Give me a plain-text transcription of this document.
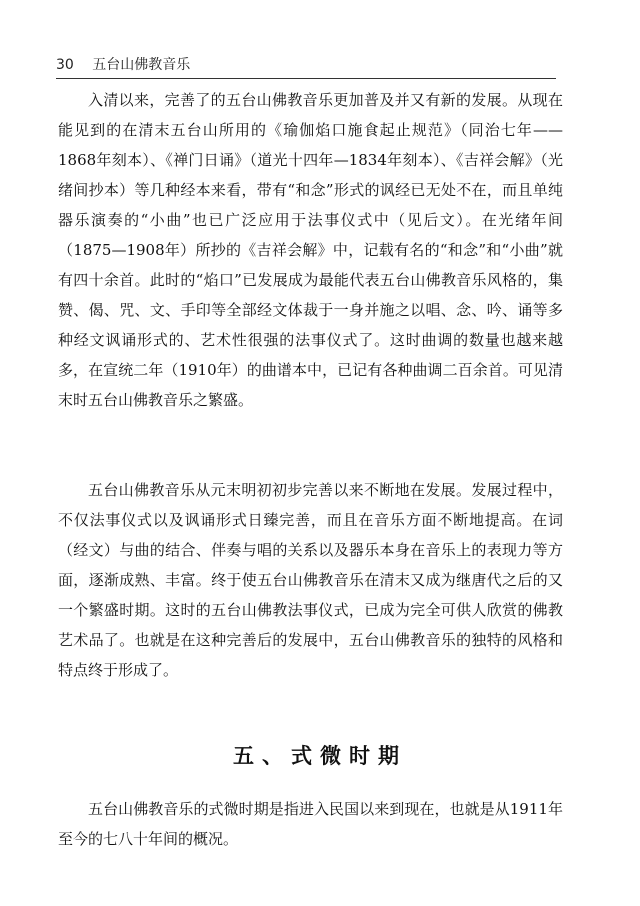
30 五台山佛教音乐

入清以来，完善了的五台山佛教音乐更加普及并又有新的发展。从现在能见到的在清末五台山所用的《瑜伽焰口施食起止规范》（同治七年——1868年刻本）、《禅门日诵》（道光十四年—1834年刻本）、《吉祥会解》（光绪间抄本）等几种经本来看，带有“和念”形式的讽经已无处不在，而且单纯器乐演奏的“小曲”也已广泛应用于法事仪式中（见后文）。在光绪年间（1875—1908年）所抄的《吉祥会解》中，记载有名的“和念”和“小曲”就有四十余首。此时的“焰口”已发展成为最能代表五台山佛教音乐风格的，集赞、偈、咒、文、手印等全部经文体裁于一身并施之以唱、念、吟、诵等多种经文讽诵形式的、艺术性很强的法事仪式了。这时曲调的数量也越来越多，在宣统二年（1910年）的曲谱本中，已记有各种曲调二百余首。可见清末时五台山佛教音乐之繁盛。

五台山佛教音乐从元末明初初步完善以来不断地在发展。发展过程中，不仅法事仪式以及讽诵形式日臻完善，而且在音乐方面不断地提高。在词（经文）与曲的结合、伴奏与唱的关系以及器乐本身在音乐上的表现力等方面，逐渐成熟、丰富。终于使五台山佛教音乐在清末又成为继唐代之后的又一个繁盛时期。这时的五台山佛教法事仪式，已成为完全可供人欣赏的佛教艺术品了。也就是在这种完善后的发展中，五台山佛教音乐的独特的风格和特点终于形成了。

五、式微时期

五台山佛教音乐的式微时期是指进入民国以来到现在，也就是从1911年至今的七八十年间的概况。
